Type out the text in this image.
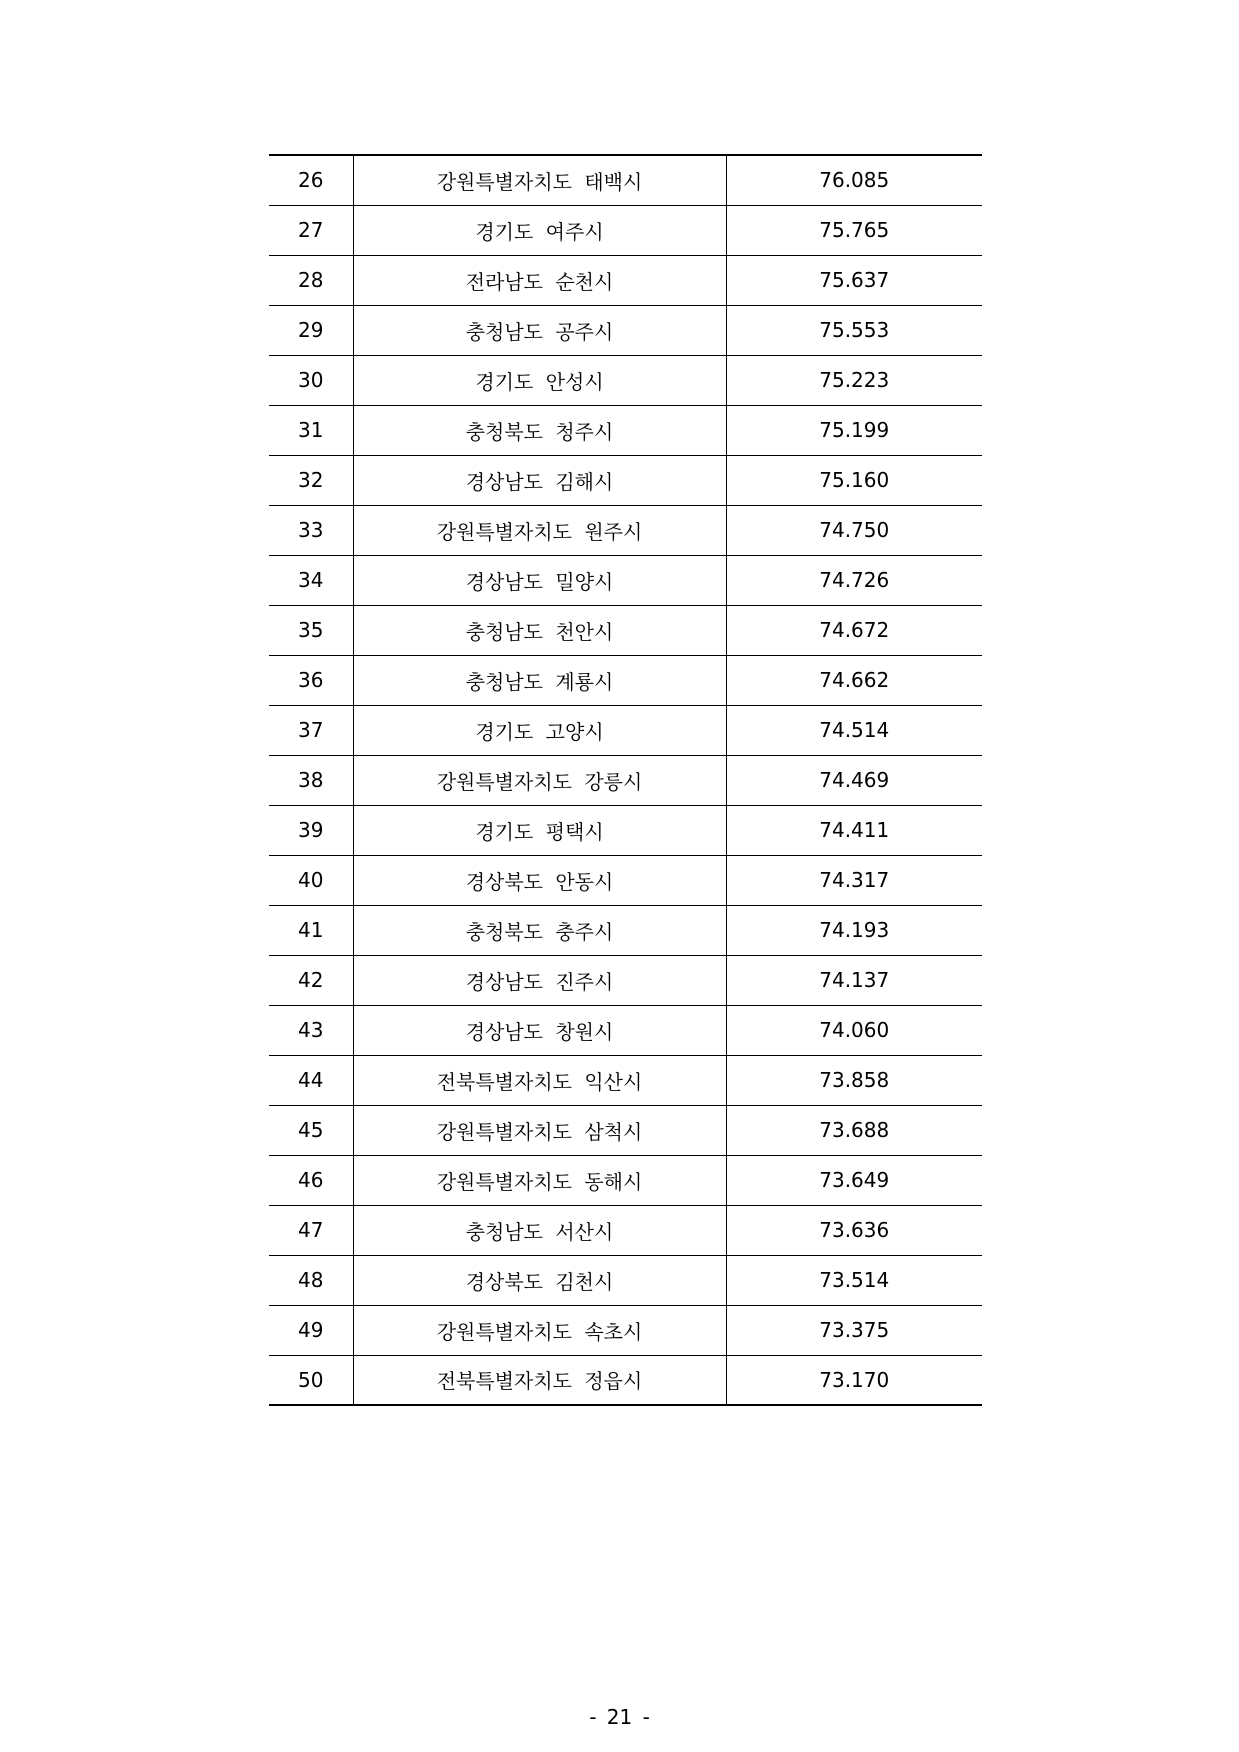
26	강원특별자치도 태백시	76.085
27	경기도 여주시	75.765
28	전라남도 순천시	75.637
29	충청남도 공주시	75.553
30	경기도 안성시	75.223
31	충청북도 청주시	75.199
32	경상남도 김해시	75.160
33	강원특별자치도 원주시	74.750
34	경상남도 밀양시	74.726
35	충청남도 천안시	74.672
36	충청남도 계룡시	74.662
37	경기도 고양시	74.514
38	강원특별자치도 강릉시	74.469
39	경기도 평택시	74.411
40	경상북도 안동시	74.317
41	충청북도 충주시	74.193
42	경상남도 진주시	74.137
43	경상남도 창원시	74.060
44	전북특별자치도 익산시	73.858
45	강원특별자치도 삼척시	73.688
46	강원특별자치도 동해시	73.649
47	충청남도 서산시	73.636
48	경상북도 김천시	73.514
49	강원특별자치도 속초시	73.375
50	전북특별자치도 정읍시	73.170
- 21 -
